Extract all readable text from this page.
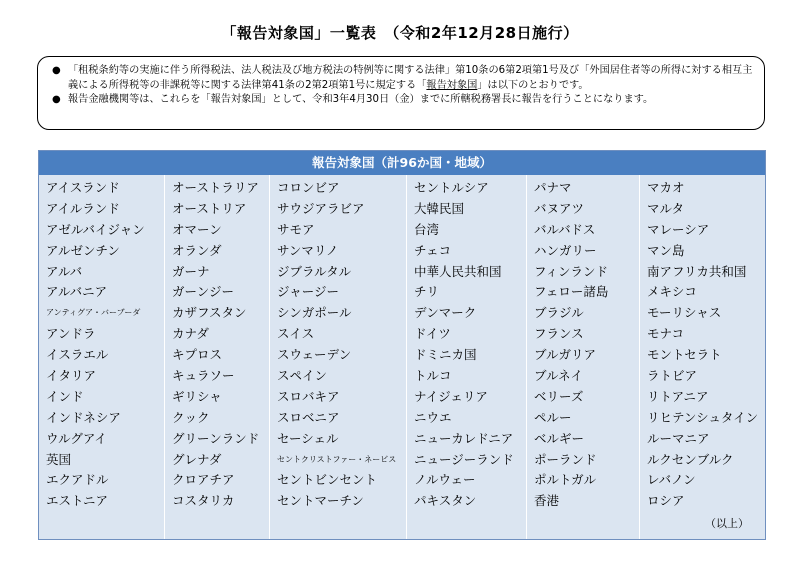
「報告対象国」一覧表　（令和2年12月28日施行）
● 「租税条約等の実施に伴う所得税法、法人税法及び地方税法の特例等に関する法律」第10条の6第2項第1号及び「外国居住者等の所得に対する相互主義による所得税等の非課税等に関する法律第41条の2第2項第1号に規定する「報告対象国」は以下のとおりです。
● 報告金融機関等は、これらを「報告対象国」として、令和3年4月30日（金）までに所轄税務署長に報告を行うことになります。
報告対象国（計96か国・地域）
アイスランド
アイルランド
アゼルバイジャン
アルゼンチン
アルバ
アルバニア
アンティグア・バーブーダ
アンドラ
イスラエル
イタリア
インド
インドネシア
ウルグアイ
英国
エクアドル
エストニア
オーストラリア
オーストリア
オマーン
オランダ
ガーナ
ガーンジー
カザフスタン
カナダ
キプロス
キュラソー
ギリシャ
クック
グリーンランド
グレナダ
クロアチア
コスタリカ
コロンビア
サウジアラビア
サモア
サンマリノ
ジブラルタル
ジャージー
シンガポール
スイス
スウェーデン
スペイン
スロバキア
スロベニア
セーシェル
セントクリストファー・ネービス
セントビンセント
セントマーチン
セントルシア
大韓民国
台湾
チェコ
中華人民共和国
チリ
デンマーク
ドイツ
ドミニカ国
トルコ
ナイジェリア
ニウエ
ニューカレドニア
ニュージーランド
ノルウェー
パキスタン
パナマ
バヌアツ
バルバドス
ハンガリー
フィンランド
フェロー諸島
ブラジル
フランス
ブルガリア
ブルネイ
ベリーズ
ペルー
ベルギー
ポーランド
ポルトガル
香港
マカオ
マルタ
マレーシア
マン島
南アフリカ共和国
メキシコ
モーリシャス
モナコ
モントセラト
ラトビア
リトアニア
リヒテンシュタイン
ルーマニア
ルクセンブルク
レバノン
ロシア
（以上）
